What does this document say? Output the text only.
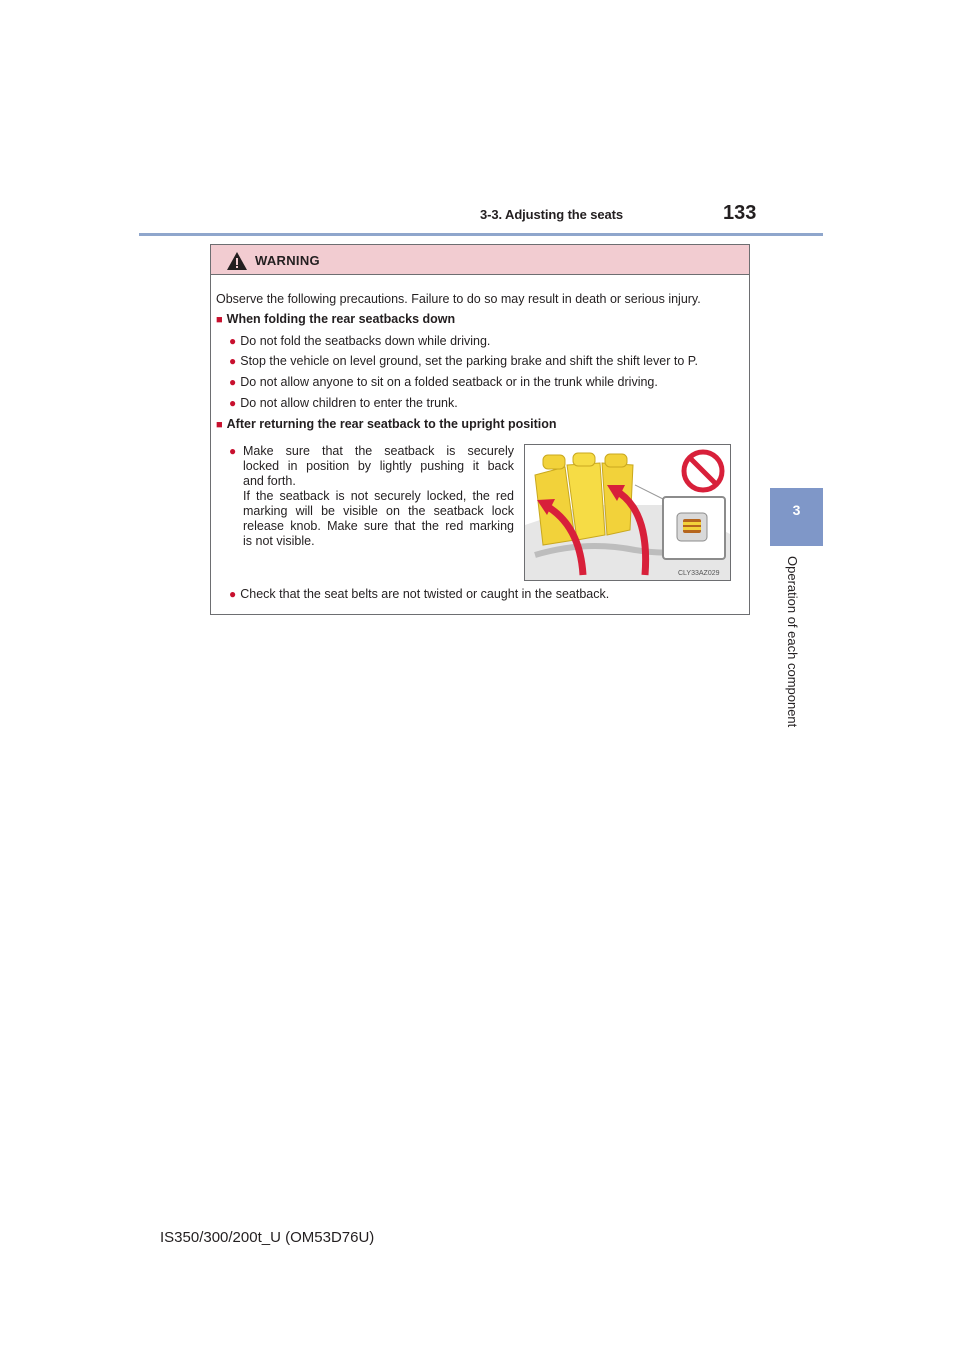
3-3. Adjusting the seats	133
3
Operation of each component
WARNING
Observe the following precautions. Failure to do so may result in death or serious injury.
■ When folding the rear seatbacks down
● Do not fold the seatbacks down while driving.
● Stop the vehicle on level ground, set the parking brake and shift the shift lever to P.
● Do not allow anyone to sit on a folded seatback or in the trunk while driving.
● Do not allow children to enter the trunk.
■ After returning the rear seatback to the upright position
● Make sure that the seatback is securely
locked in position by lightly pushing it back
and forth.
If the seatback is not securely locked, the red
marking will be visible on the seatback lock
release knob. Make sure that the red marking
is not visible.
CLY33AZ029
● Check that the seat belts are not twisted or caught in the seatback.
IS350/300/200t_U (OM53D76U)
